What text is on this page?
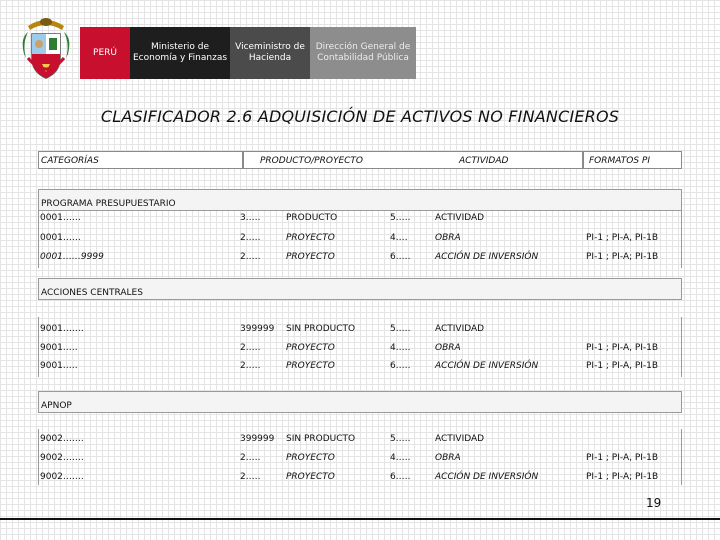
PERÚ
Ministerio de Economía y Finanzas
Viceministro de Hacienda
Dirección General de Contabilidad Pública
CLASIFICADOR 2.6 ADQUISICIÓN DE ACTIVOS NO FINANCIEROS
CATEGORÍAS	PRODUCTO/PROYECTO	ACTIVIDAD	FORMATOS PI
PROGRAMA PRESUPUESTARIO
0001……	3.….	PRODUCTO	5.….	ACTIVIDAD
0001……	2.….	PROYECTO	4.…	OBRA	PI-1 ; PI-A, PI-1B
0001……9999	2.….	PROYECTO	6.….	ACCIÓN DE INVERSIÓN	PI-1 ; PI-A; PI-1B
ACCIONES CENTRALES
9001…….	399999 SIN PRODUCTO	5.….	ACTIVIDAD
9001.….	2.….	PROYECTO	4.….	OBRA	PI-1 ; PI-A, PI-1B
9001.….	2.….	PROYECTO	6.….	ACCIÓN DE INVERSIÓN	PI-1 ; PI-A, PI-1B
APNOP
9002…….	399999 SIN PRODUCTO	5.….	ACTIVIDAD
9002…….	2.….	PROYECTO	4.….	OBRA	PI-1 ; PI-A, PI-1B
9002…….	2.….	PROYECTO	6.….	ACCIÓN DE INVERSIÓN	PI-1 ; PI-A; PI-1B
19
